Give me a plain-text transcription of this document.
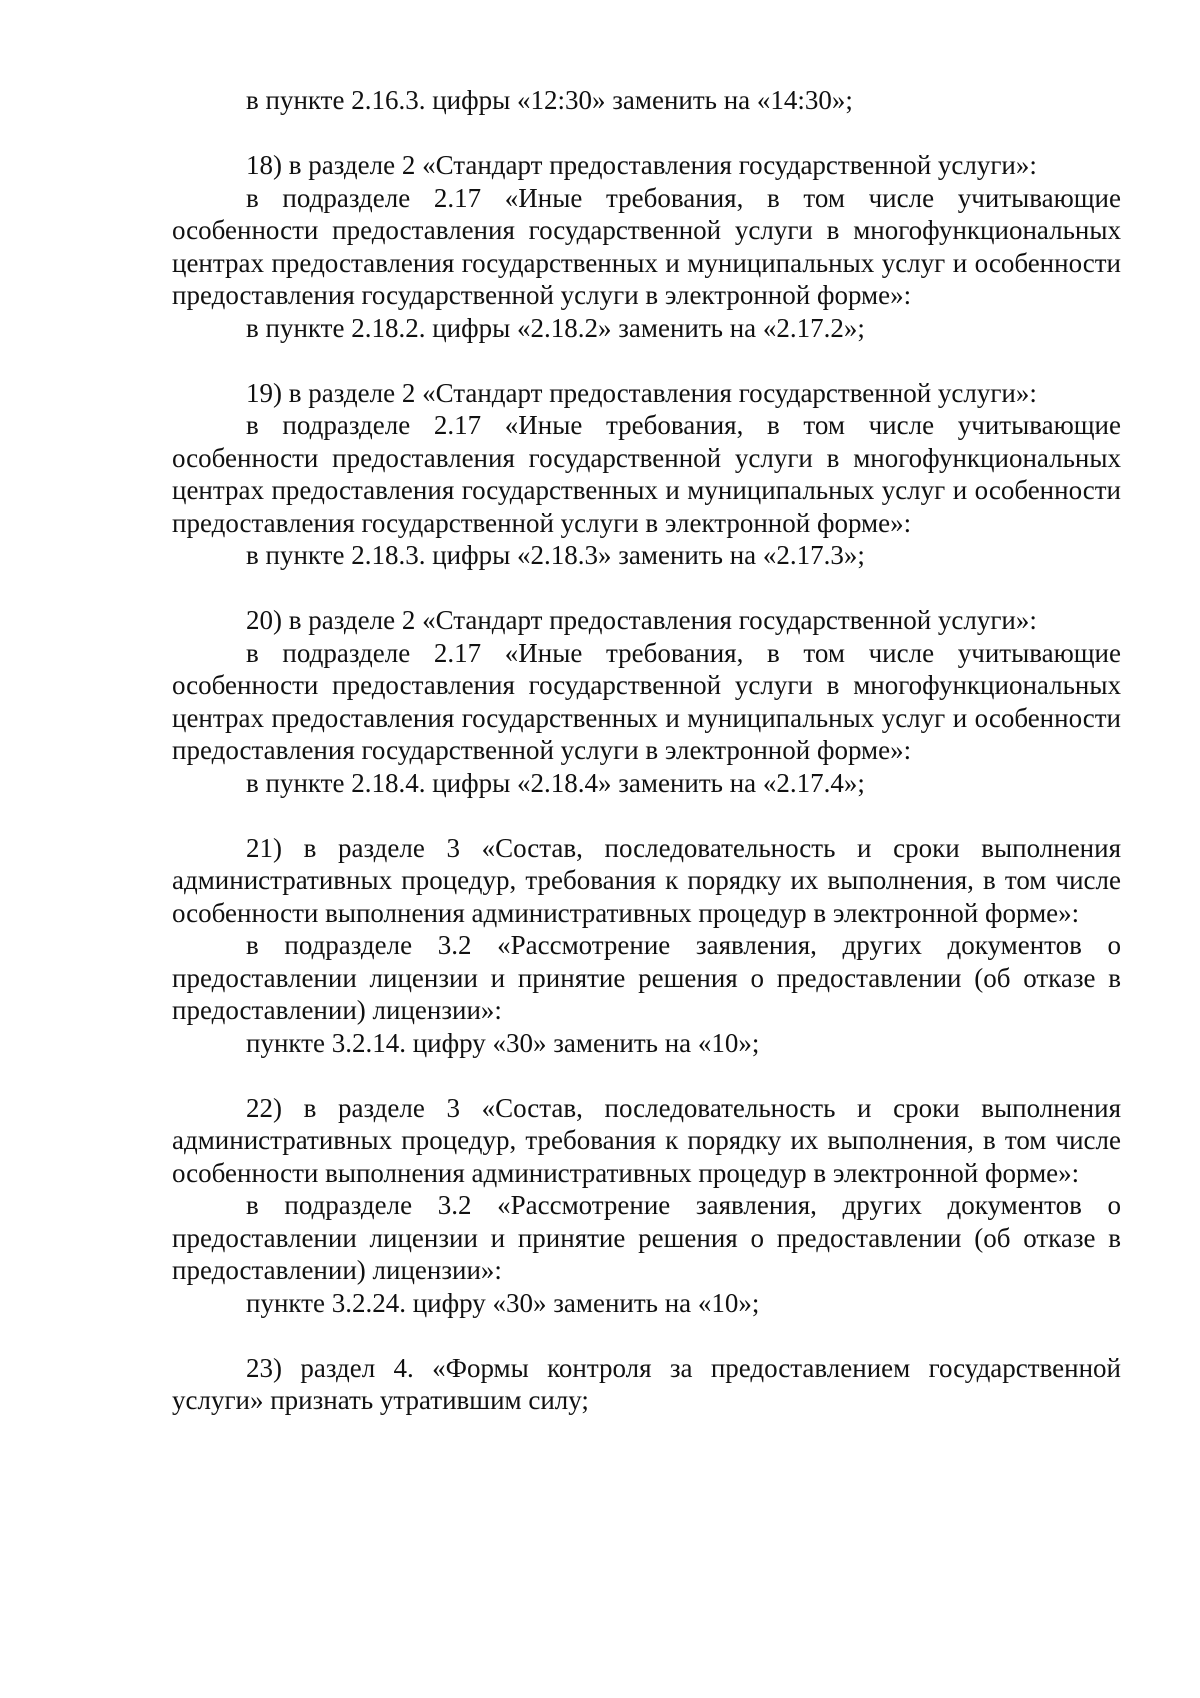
в пункте 2.16.3. цифры «12:30» заменить на «14:30»;

18) в разделе 2 «Стандарт предоставления государственной услуги»:

в подразделе 2.17 «Иные требования, в том числе учитывающие особенности предоставления государственной услуги в многофункциональных центрах предоставления государственных и муниципальных услуг и особенности предоставления государственной услуги в электронной форме»:

в пункте 2.18.2. цифры «2.18.2» заменить на «2.17.2»;

19) в разделе 2 «Стандарт предоставления государственной услуги»:

в подразделе 2.17 «Иные требования, в том числе учитывающие особенности предоставления государственной услуги в многофункциональных центрах предоставления государственных и муниципальных услуг и особенности предоставления государственной услуги в электронной форме»:

в пункте 2.18.3. цифры «2.18.3» заменить на «2.17.3»;

20) в разделе 2 «Стандарт предоставления государственной услуги»:

в подразделе 2.17 «Иные требования, в том числе учитывающие особенности предоставления государственной услуги в многофункциональных центрах предоставления государственных и муниципальных услуг и особенности предоставления государственной услуги в электронной форме»:

в пункте 2.18.4. цифры «2.18.4» заменить на «2.17.4»;

21) в разделе 3 «Состав, последовательность и сроки выполнения административных процедур, требования к порядку их выполнения, в том числе особенности выполнения административных процедур в электронной форме»:

в подразделе 3.2 «Рассмотрение заявления, других документов о предоставлении лицензии и принятие решения о предоставлении (об отказе в предоставлении) лицензии»:

пункте 3.2.14. цифру «30» заменить на «10»;

22) в разделе 3 «Состав, последовательность и сроки выполнения административных процедур, требования к порядку их выполнения, в том числе особенности выполнения административных процедур в электронной форме»:

в подразделе 3.2 «Рассмотрение заявления, других документов о предоставлении лицензии и принятие решения о предоставлении (об отказе в предоставлении) лицензии»:

пункте 3.2.24. цифру «30» заменить на «10»;

23) раздел 4. «Формы контроля за предоставлением государственной услуги» признать утратившим силу;
